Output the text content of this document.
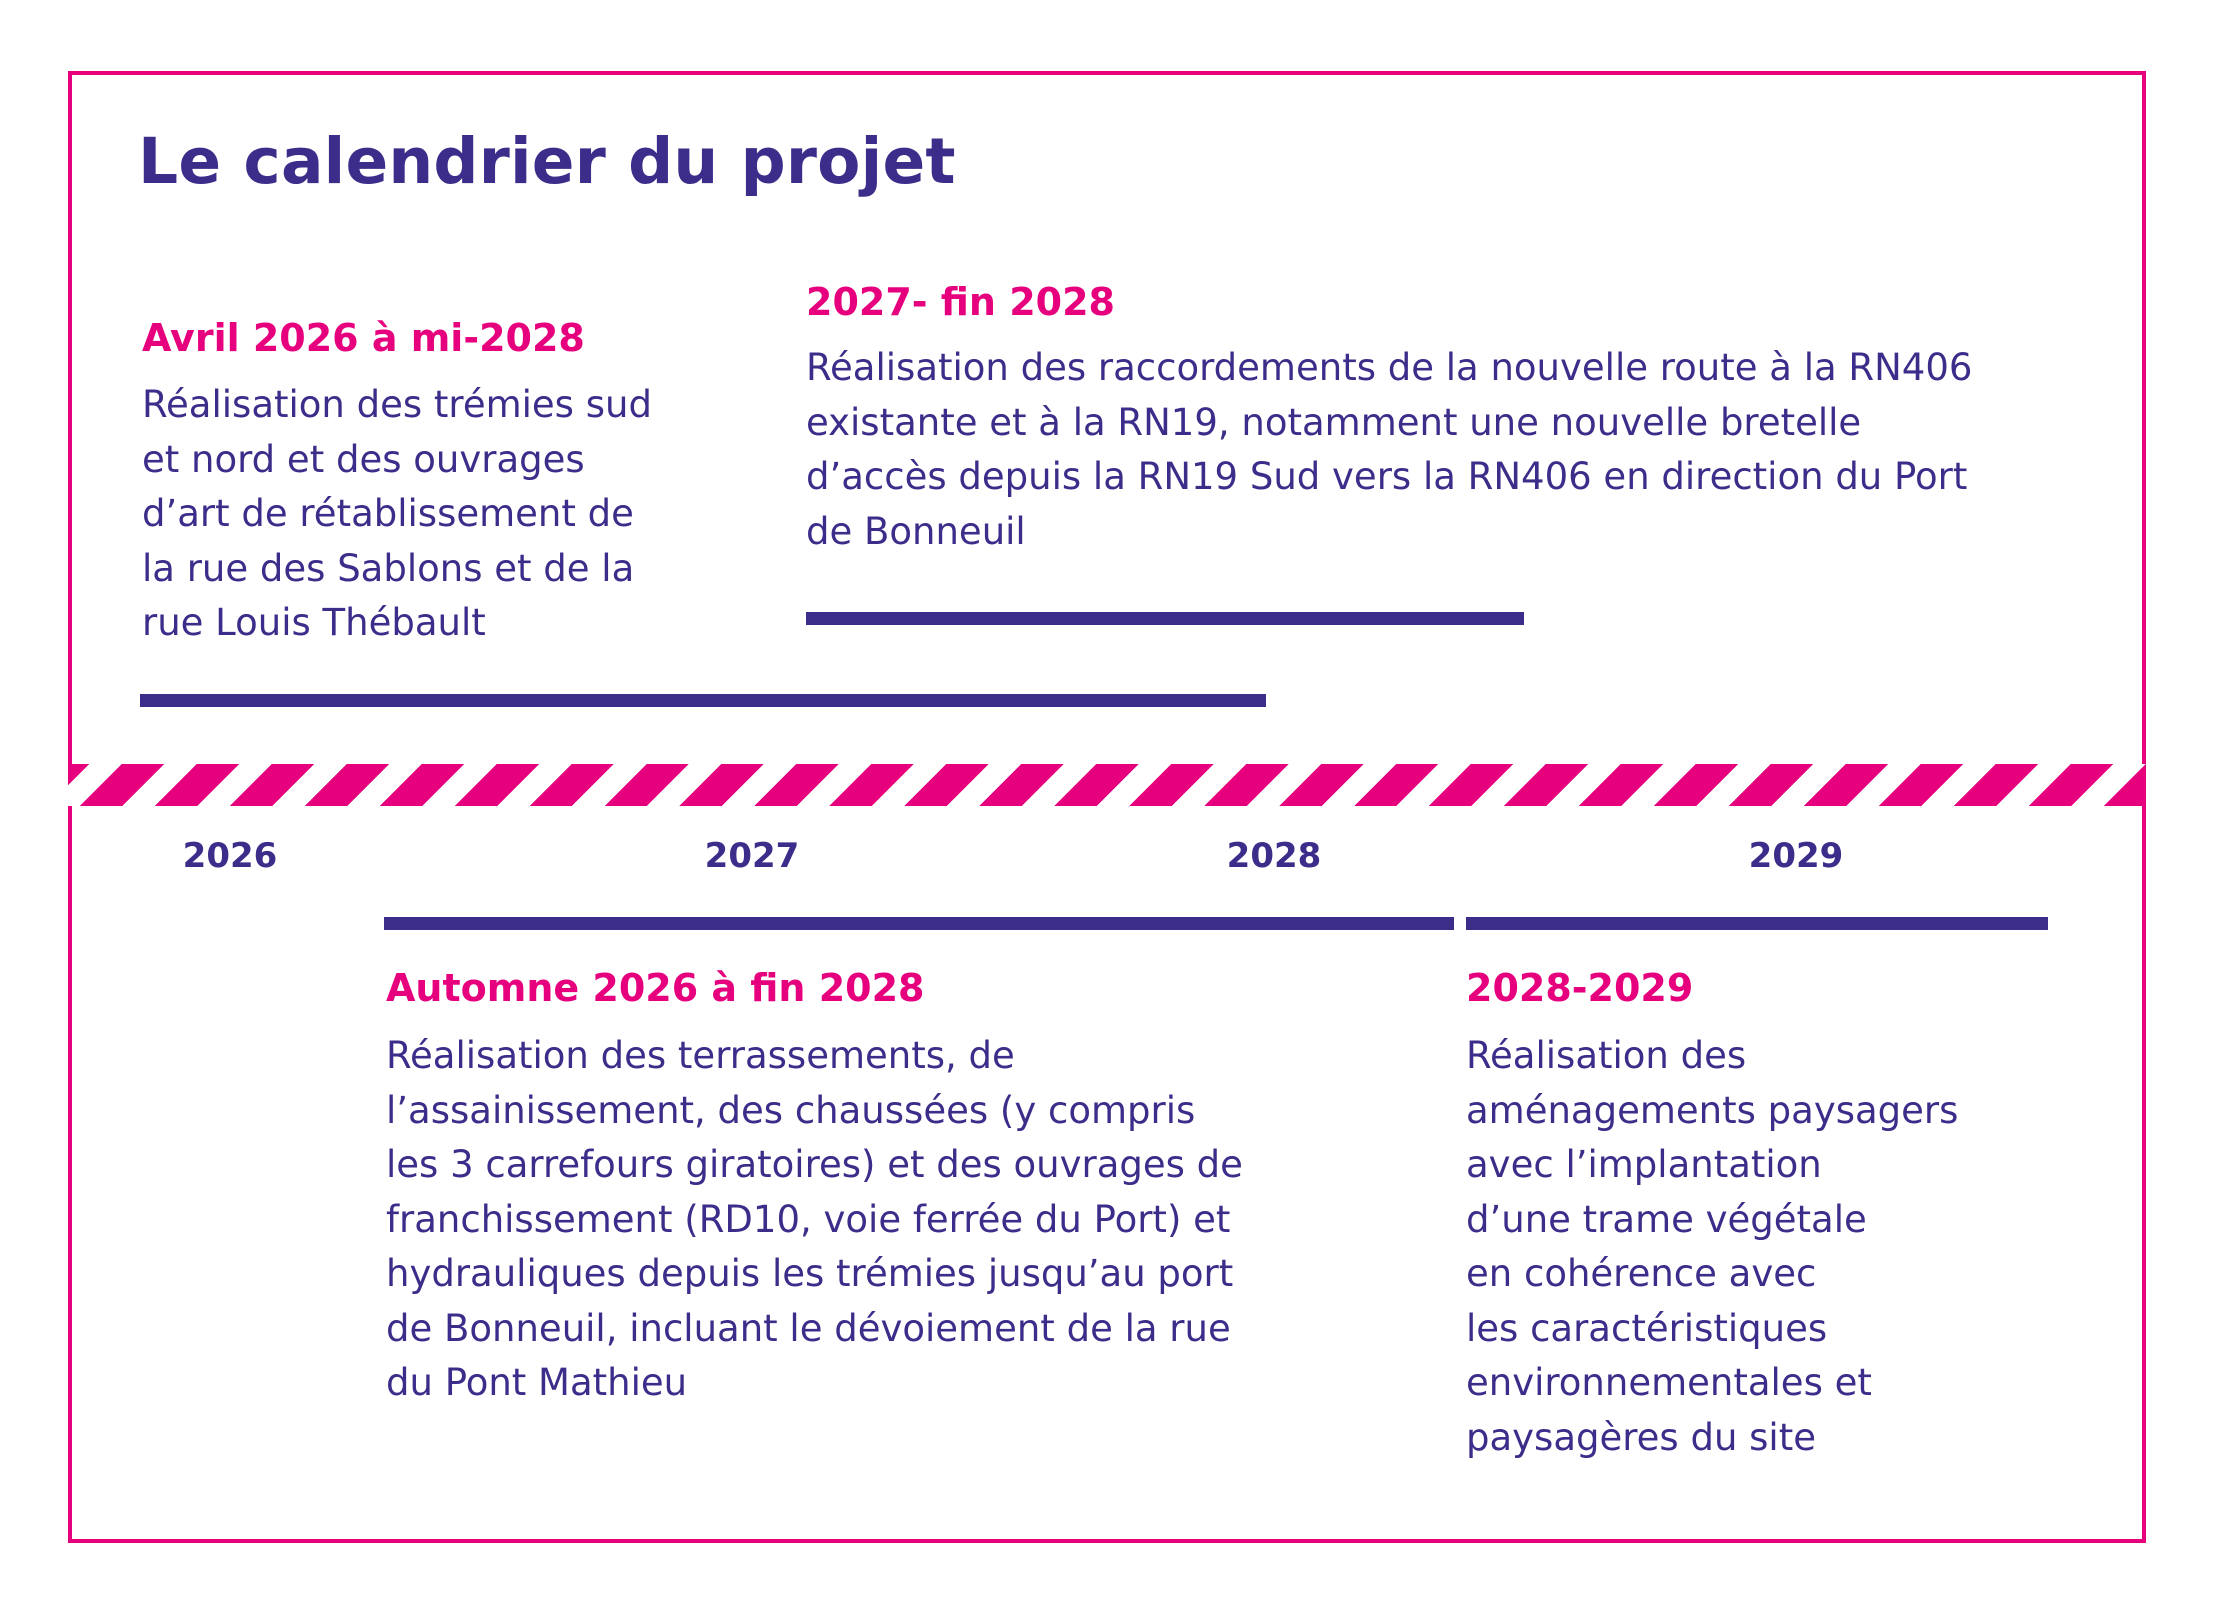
Le calendrier du projet
Avril 2026 à mi-2028
Réalisation des trémies sud
et nord et des ouvrages
d’art de rétablissement de
la rue des Sablons et de la
rue Louis Thébault
2027- fin 2028
Réalisation des raccordements de la nouvelle route à la RN406
existante et à la RN19, notamment une nouvelle bretelle
d’accès depuis la RN19 Sud vers la RN406 en direction du Port
de Bonneuil
2026	2027	2028	2029
Automne 2026 à fin 2028
Réalisation des terrassements, de
l’assainissement, des chaussées (y compris
les 3 carrefours giratoires) et des ouvrages de
franchissement (RD10, voie ferrée du Port) et
hydrauliques depuis les trémies jusqu’au port
de Bonneuil, incluant le dévoiement de la rue
du Pont Mathieu
2028-2029
Réalisation des
aménagements paysagers
avec l’implantation
d’une trame végétale
en cohérence avec
les caractéristiques
environnementales et
paysagères du site
